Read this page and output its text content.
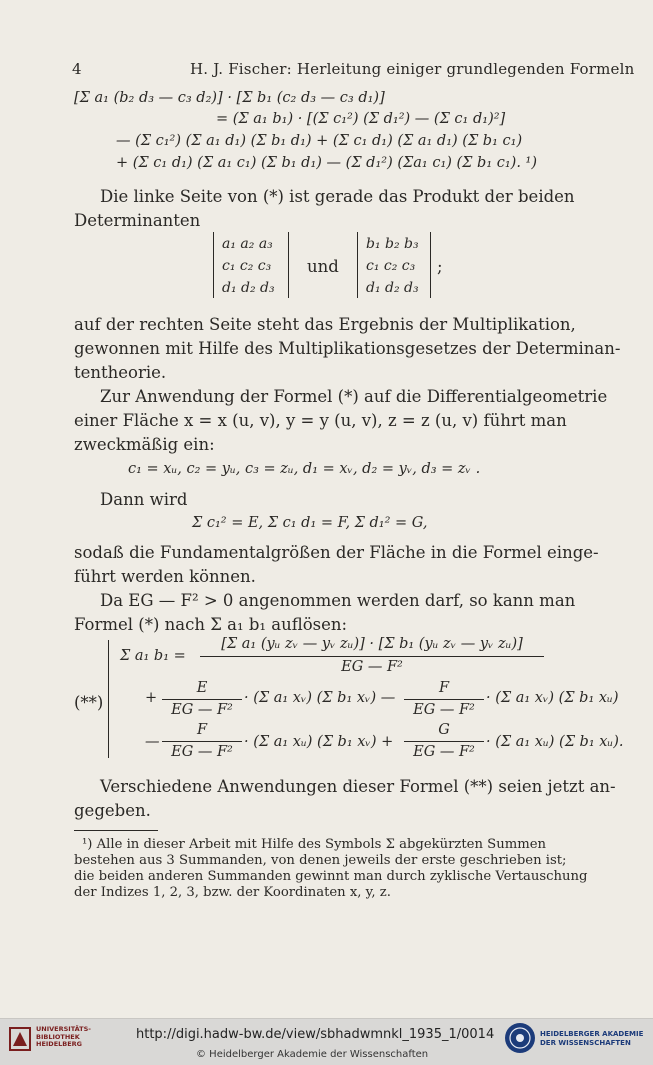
4	H. J. Fischer: Herleitung einiger grundlegenden Formeln
[Σ a₁ (b₂ d₃ — c₃ d₂)] · [Σ b₁ (c₂ d₃ — c₃ d₁)]
= (Σ a₁ b₁) · [(Σ c₁²) (Σ d₁²) — (Σ c₁ d₁)²]
— (Σ c₁²) (Σ a₁ d₁) (Σ b₁ d₁) + (Σ c₁ d₁) (Σ a₁ d₁) (Σ b₁ c₁)
+ (Σ c₁ d₁) (Σ a₁ c₁) (Σ b₁ d₁) — (Σ d₁²) (Σa₁ c₁) (Σ b₁ c₁). ¹)
Die linke Seite von (*) ist gerade das Produkt der beiden
Determinanten
a₁ a₂ a₃
c₁ c₂ c₃
d₁ d₂ d₃
und
b₁ b₂ b₃
c₁ c₂ c₃
d₁ d₂ d₃
;
auf der rechten Seite steht das Ergebnis der Multiplikation,
gewonnen mit Hilfe des Multiplikationsgesetzes der Determinan-
tentheorie.
Zur Anwendung der Formel (*) auf die Differentialgeometrie
einer Fläche x = x (u, v), y = y (u, v), z = z (u, v) führt man
zweckmäßig ein:
c₁ = xᵤ, c₂ = yᵤ, c₃ = zᵤ, d₁ = xᵥ, d₂ = yᵥ, d₃ = zᵥ .
Dann wird
Σ c₁² = E, Σ c₁ d₁ = F, Σ d₁² = G,
sodaß die Fundamentalgrößen der Fläche in die Formel einge-
führt werden können.
Da EG — F² > 0 angenommen werden darf, so kann man
Formel (*) nach Σ a₁ b₁ auflösen:
(**)
Σ a₁ b₁ =
[Σ a₁ (yᵤ zᵥ — yᵥ zᵤ)] · [Σ b₁ (yᵤ zᵥ — yᵥ zᵤ)]
EG — F²
+
E
EG — F²
· (Σ a₁ xᵥ) (Σ b₁ xᵥ) —
F
EG — F²
· (Σ a₁ xᵥ) (Σ b₁ xᵤ)
—
F
EG — F²
· (Σ a₁ xᵤ) (Σ b₁ xᵥ) +
G
EG — F²
· (Σ a₁ xᵤ) (Σ b₁ xᵤ).
Verschiedene Anwendungen dieser Formel (**) seien jetzt an-
gegeben.
¹) Alle in dieser Arbeit mit Hilfe des Symbols Σ abgekürzten Summen
bestehen aus 3 Summanden, von denen jeweils der erste geschrieben ist;
die beiden anderen Summanden gewinnt man durch zyklische Vertauschung
der Indizes 1, 2, 3, bzw. der Koordinaten x, y, z.
http://digi.hadw-bw.de/view/sbhadwmnkl_1935_1/0014
© Heidelberger Akademie der Wissenschaften
UNIVERSITÄTS-
BIBLIOTHEK
HEIDELBERG
HEIDELBERGER AKADEMIE
DER WISSENSCHAFTEN
